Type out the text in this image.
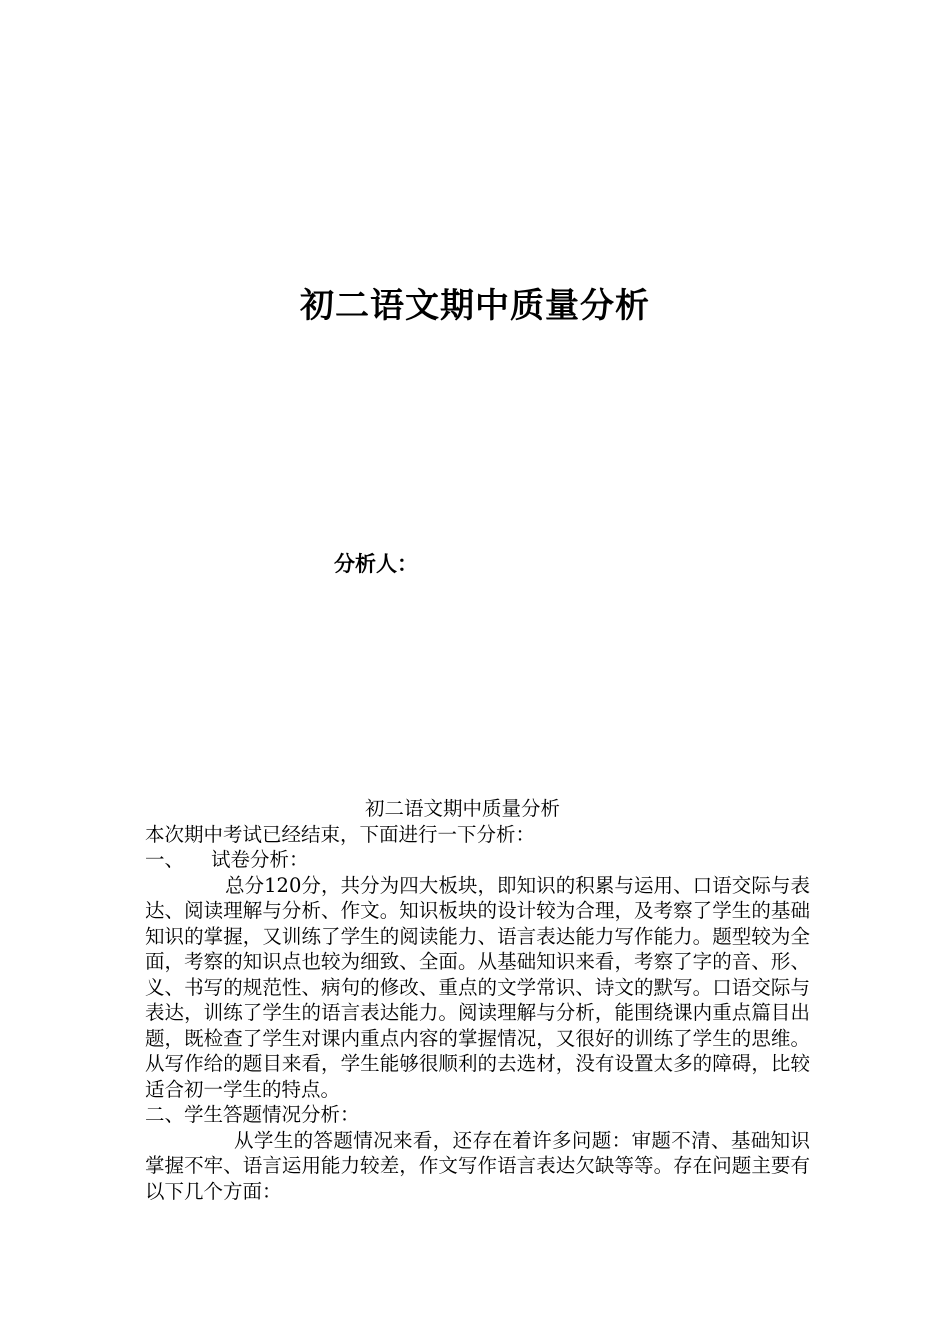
初二语文期中质量分析
分析人：

初二语文期中质量分析

本次期中考试已经结束，下面进行一下分析：

一、 试卷分析：

总分120分，共分为四大板块，即知识的积累与运用、口语交际与表达、阅读理解与分析、作文。知识板块的设计较为合理，及考察了学生的基础知识的掌握，又训练了学生的阅读能力、语言表达能力写作能力。题型较为全面，考察的知识点也较为细致、全面。从基础知识来看，考察了字的音、形、义、书写的规范性、病句的修改、重点的文学常识、诗文的默写。口语交际与表达，训练了学生的语言表达能力。阅读理解与分析，能围绕课内重点篇目出题，既检查了学生对课内重点内容的掌握情况，又很好的训练了学生的思维。从写作给的题目来看，学生能够很顺利的去选材，没有设置太多的障碍，比较适合初一学生的特点。

二、学生答题情况分析：

从学生的答题情况来看，还存在着许多问题：审题不清、基础知识掌握不牢、语言运用能力较差，作文写作语言表达欠缺等等。存在问题主要有以下几个方面：
